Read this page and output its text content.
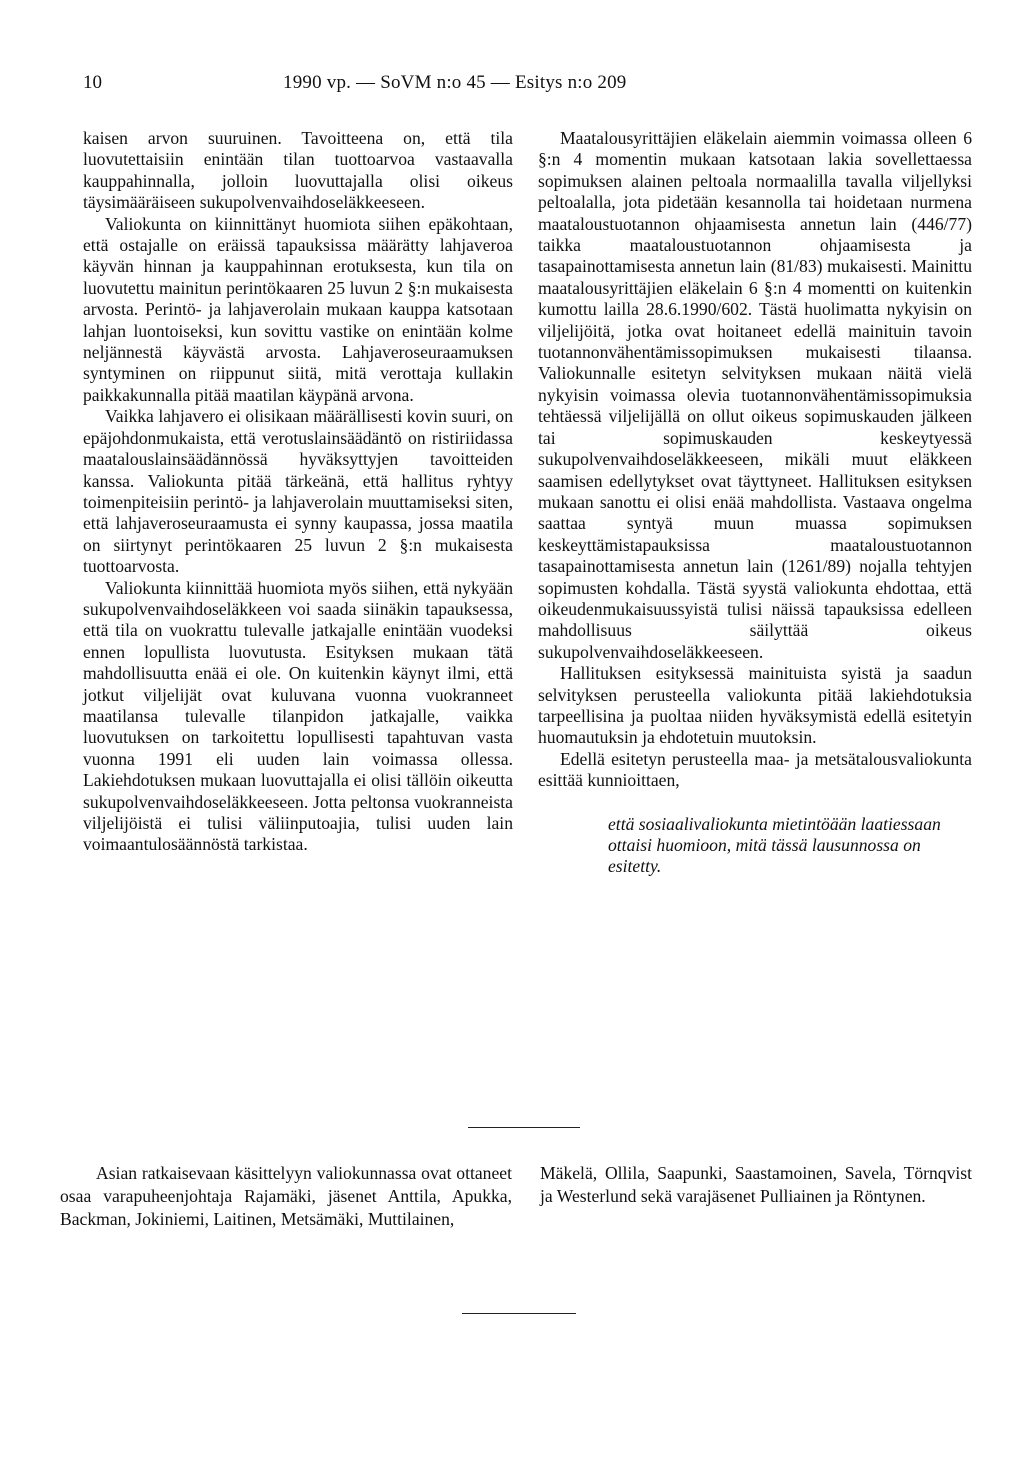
10	1990 vp. — SoVM n:o 45 — Esitys n:o 209

kaisen arvon suuruinen. Tavoitteena on, että tila luovutettaisiin enintään tilan tuottoarvoa vastaavalla kauppahinnalla, jolloin luovuttajalla olisi oikeus täysimääräiseen sukupolvenvaihdoseläkkeeseen.

Valiokunta on kiinnittänyt huomiota siihen epäkohtaan, että ostajalle on eräissä tapauksissa määrätty lahjaveroa käyvän hinnan ja kauppahinnan erotuksesta, kun tila on luovutettu mainitun perintökaaren 25 luvun 2 §:n mukaisesta arvosta. Perintö- ja lahjaverolain mukaan kauppa katsotaan lahjan luontoiseksi, kun sovittu vastike on enintään kolme neljännestä käyvästä arvosta. Lahjaveroseuraamuksen syntyminen on riippunut siitä, mitä verottaja kullakin paikkakunnalla pitää maatilan käypänä arvona.

Vaikka lahjavero ei olisikaan määrällisesti kovin suuri, on epäjohdonmukaista, että verotuslainsäädäntö on ristiriidassa maatalouslainsäädännössä hyväksyttyjen tavoitteiden kanssa. Valiokunta pitää tärkeänä, että hallitus ryhtyy toimenpiteisiin perintö- ja lahjaverolain muuttamiseksi siten, että lahjaveroseuraamusta ei synny kaupassa, jossa maatila on siirtynyt perintökaaren 25 luvun 2 §:n mukaisesta tuottoarvosta.

Valiokunta kiinnittää huomiota myös siihen, että nykyään sukupolvenvaihdoseläkkeen voi saada siinäkin tapauksessa, että tila on vuokrattu tulevalle jatkajalle enintään vuodeksi ennen lopullista luovutusta. Esityksen mukaan tätä mahdollisuutta enää ei ole. On kuitenkin käynyt ilmi, että jotkut viljelijät ovat kuluvana vuonna vuokranneet maatilansa tulevalle tilanpidon jatkajalle, vaikka luovutuksen on tarkoitettu lopullisesti tapahtuvan vasta vuonna 1991 eli uuden lain voimassa ollessa. Lakiehdotuksen mukaan luovuttajalla ei olisi tällöin oikeutta sukupolvenvaihdoseläkkeeseen. Jotta peltonsa vuokranneista viljelijöistä ei tulisi väliinputoajia, tulisi uuden lain voimaantulosäännöstä tarkistaa.

Maatalousyrittäjien eläkelain aiemmin voimassa olleen 6 §:n 4 momentin mukaan katsotaan lakia sovellettaessa sopimuksen alainen peltoala normaalilla tavalla viljellyksi peltoalalla, jota pidetään kesannolla tai hoidetaan nurmena maataloustuotannon ohjaamisesta annetun lain (446/77) taikka maataloustuotannon ohjaamisesta ja tasapainottamisesta annetun lain (81/83) mukaisesti. Mainittu maatalousyrittäjien eläkelain 6 §:n 4 momentti on kuitenkin kumottu lailla 28.6.1990/602. Tästä huolimatta nykyisin on viljelijöitä, jotka ovat hoitaneet edellä mainituin tavoin tuotannonvähentämissopimuksen mukaisesti tilaansa. Valiokunnalle esitetyn selvityksen mukaan näitä vielä nykyisin voimassa olevia tuotannonvähentämissopimuksia tehtäessä viljelijällä on ollut oikeus sopimuskauden jälkeen tai sopimuskauden keskeytyessä sukupolvenvaihdoseläkkeeseen, mikäli muut eläkkeen saamisen edellytykset ovat täyttyneet. Hallituksen esityksen mukaan sanottu ei olisi enää mahdollista. Vastaava ongelma saattaa syntyä muun muassa sopimuksen keskeyttämistapauksissa maataloustuotannon tasapainottamisesta annetun lain (1261/89) nojalla tehtyjen sopimusten kohdalla. Tästä syystä valiokunta ehdottaa, että oikeudenmukaisuussyistä tulisi näissä tapauksissa edelleen mahdollisuus säilyttää oikeus sukupolvenvaihdoseläkkeeseen.

Hallituksen esityksessä mainituista syistä ja saadun selvityksen perusteella valiokunta pitää lakiehdotuksia tarpeellisina ja puoltaa niiden hyväksymistä edellä esitetyin huomautuksin ja ehdotetuin muutoksin.

Edellä esitetyn perusteella maa- ja metsätalousvaliokunta esittää kunnioittaen,

että sosiaalivaliokunta mietintöään laatiessaan ottaisi huomioon, mitä tässä lausunnossa on esitetty.

Asian ratkaisevaan käsittelyyn valiokunnassa ovat ottaneet osaa varapuheenjohtaja Rajamäki, jäsenet Anttila, Apukka, Backman, Jokiniemi, Laitinen, Metsämäki, Muttilainen,

Mäkelä, Ollila, Saapunki, Saastamoinen, Savela, Törnqvist ja Westerlund sekä varajäsenet Pulliainen ja Röntynen.
